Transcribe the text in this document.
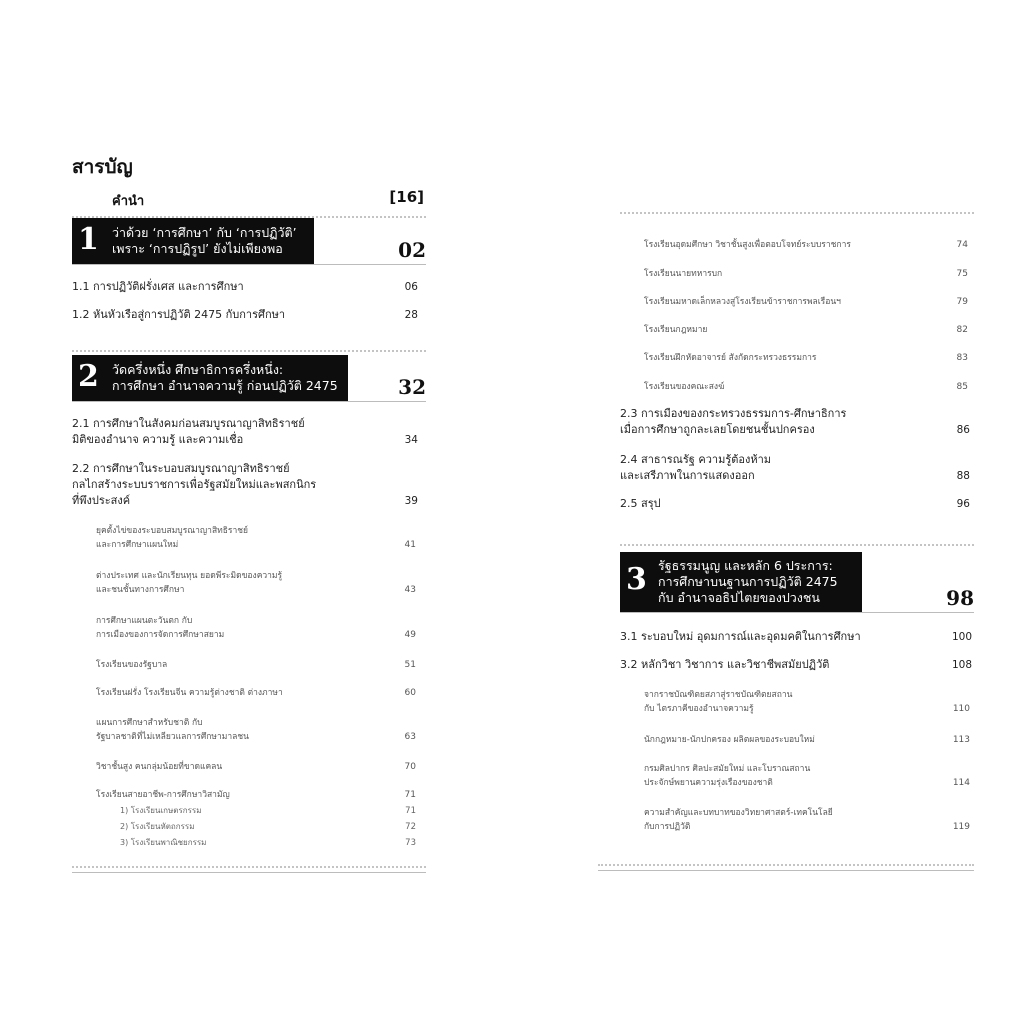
สารบัญ
คำนำ	[16]
1 ว่าด้วย ‘การศึกษา’ กับ ‘การปฏิวัติ’
เพราะ ‘การปฏิรูป’ ยังไม่เพียงพอ	02
1.1 การปฏิวัติฝรั่งเศส และการศึกษา	06
1.2 หันหัวเรือสู่การปฏิวัติ 2475 กับการศึกษา	28
2 วัดครึ่งหนึ่ง ศึกษาธิการครึ่งหนึ่ง:
การศึกษา อำนาจความรู้ ก่อนปฏิวัติ 2475	32
2.1 การศึกษาในสังคมก่อนสมบูรณาญาสิทธิราชย์
มิติของอำนาจ ความรู้ และความเชื่อ	34
2.2 การศึกษาในระบอบสมบูรณาญาสิทธิราชย์
กลไกสร้างระบบราชการเพื่อรัฐสมัยใหม่และพสกนิกร
ที่พึงประสงค์	39
ยุคตั้งไข่ของระบอบสมบูรณาญาสิทธิราชย์
และการศึกษาแผนใหม่	41
ต่างประเทศ และนักเรียนทุน ยอดพีระมิดของความรู้
และชนชั้นทางการศึกษา	43
การศึกษาแผนตะวันตก กับ
การเมืองของการจัดการศึกษาสยาม	49
โรงเรียนของรัฐบาล	51
โรงเรียนฝรั่ง โรงเรียนจีน ความรู้ต่างชาติ ต่างภาษา	60
แผนการศึกษาสำหรับชาติ กับ
รัฐบาลชาติที่ไม่เหลียวแลการศึกษามาลชน	63
วิชาชั้นสูง คนกลุ่มน้อยที่ขาดแคลน	70
โรงเรียนสายอาชีพ-การศึกษาวิสามัญ	71
1) โรงเรียนเกษตรกรรม	71
2) โรงเรียนหัตถกรรม	72
3) โรงเรียนพาณิชยกรรม	73
โรงเรียนอุดมศึกษา วิชาชั้นสูงเพื่อตอบโจทย์ระบบราชการ	74
โรงเรียนนายทหารบก	75
โรงเรียนมหาดเล็กหลวงสู่โรงเรียนข้าราชการพลเรือนฯ	79
โรงเรียนกฎหมาย	82
โรงเรียนฝึกหัดอาจารย์ สังกัดกระทรวงธรรมการ	83
โรงเรียนของคณะสงฆ์	85
2.3 การเมืองของกระทรวงธรรมการ-ศึกษาธิการ
เมื่อการศึกษาถูกละเลยโดยชนชั้นปกครอง	86
2.4 สาธารณรัฐ ความรู้ต้องห้าม
และเสรีภาพในการแสดงออก	88
2.5 สรุป	96
3 รัฐธรรมนูญ และหลัก 6 ประการ:
การศึกษาบนฐานการปฏิวัติ 2475
กับ อำนาจอธิปไตยของปวงชน	98
3.1 ระบอบใหม่ อุดมการณ์และอุดมคติในการศึกษา	100
3.2 หลักวิชา วิชาการ และวิชาชีพสมัยปฏิวัติ	108
จากราชบัณฑิตยสภาสู่ราชบัณฑิตยสถาน
กับ ไตรภาคีของอำนาจความรู้	110
นักกฎหมาย-นักปกครอง ผลิตผลของระบอบใหม่	113
กรมศิลปากร ศิลปะสมัยใหม่ และโบราณสถาน
ประจักษ์พยานความรุ่งเรืองของชาติ	114
ความสำคัญและบทบาทของวิทยาศาสตร์-เทคโนโลยี
กับการปฏิวัติ	119
